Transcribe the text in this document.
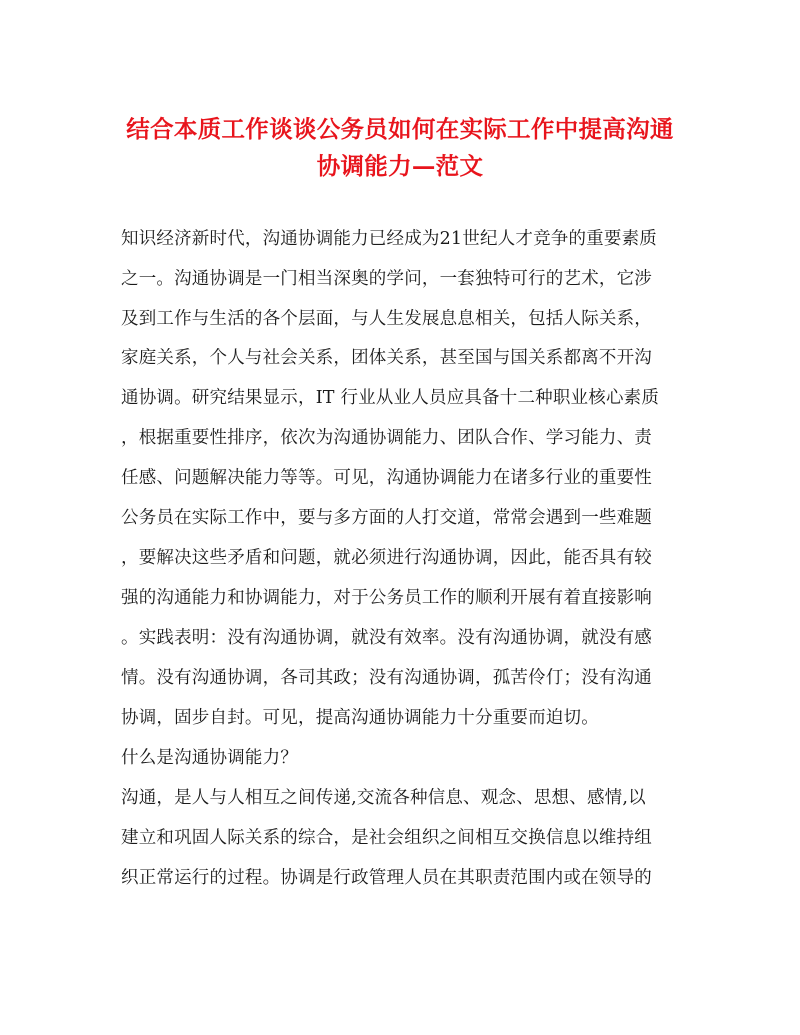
结合本质工作谈谈公务员如何在实际工作中提高沟通
协调能力—范文
知识经济新时代，沟通协调能力已经成为21世纪人才竞争的重要素质
之一。沟通协调是一门相当深奥的学问，一套独特可行的艺术，它涉
及到工作与生活的各个层面，与人生发展息息相关，包括人际关系，
家庭关系，个人与社会关系，团体关系，甚至国与国关系都离不开沟
通协调。研究结果显示，IT 行业从业人员应具备十二种职业核心素质
，根据重要性排序，依次为沟通协调能力、团队合作、学习能力、责
任感、问题解决能力等等。可见，沟通协调能力在诸多行业的重要性
公务员在实际工作中，要与多方面的人打交道，常常会遇到一些难题
，要解决这些矛盾和问题，就必须进行沟通协调，因此，能否具有较
强的沟通能力和协调能力，对于公务员工作的顺利开展有着直接影响
。实践表明：没有沟通协调，就没有效率。没有沟通协调，就没有感
情。没有沟通协调，各司其政；没有沟通协调，孤苦伶仃；没有沟通
协调，固步自封。可见，提高沟通协调能力十分重要而迫切。
什么是沟通协调能力？
沟通，是人与人相互之间传递,交流各种信息、观念、思想、感情,以
建立和巩固人际关系的综合，是社会组织之间相互交换信息以维持组
织正常运行的过程。协调是行政管理人员在其职责范围内或在领导的
